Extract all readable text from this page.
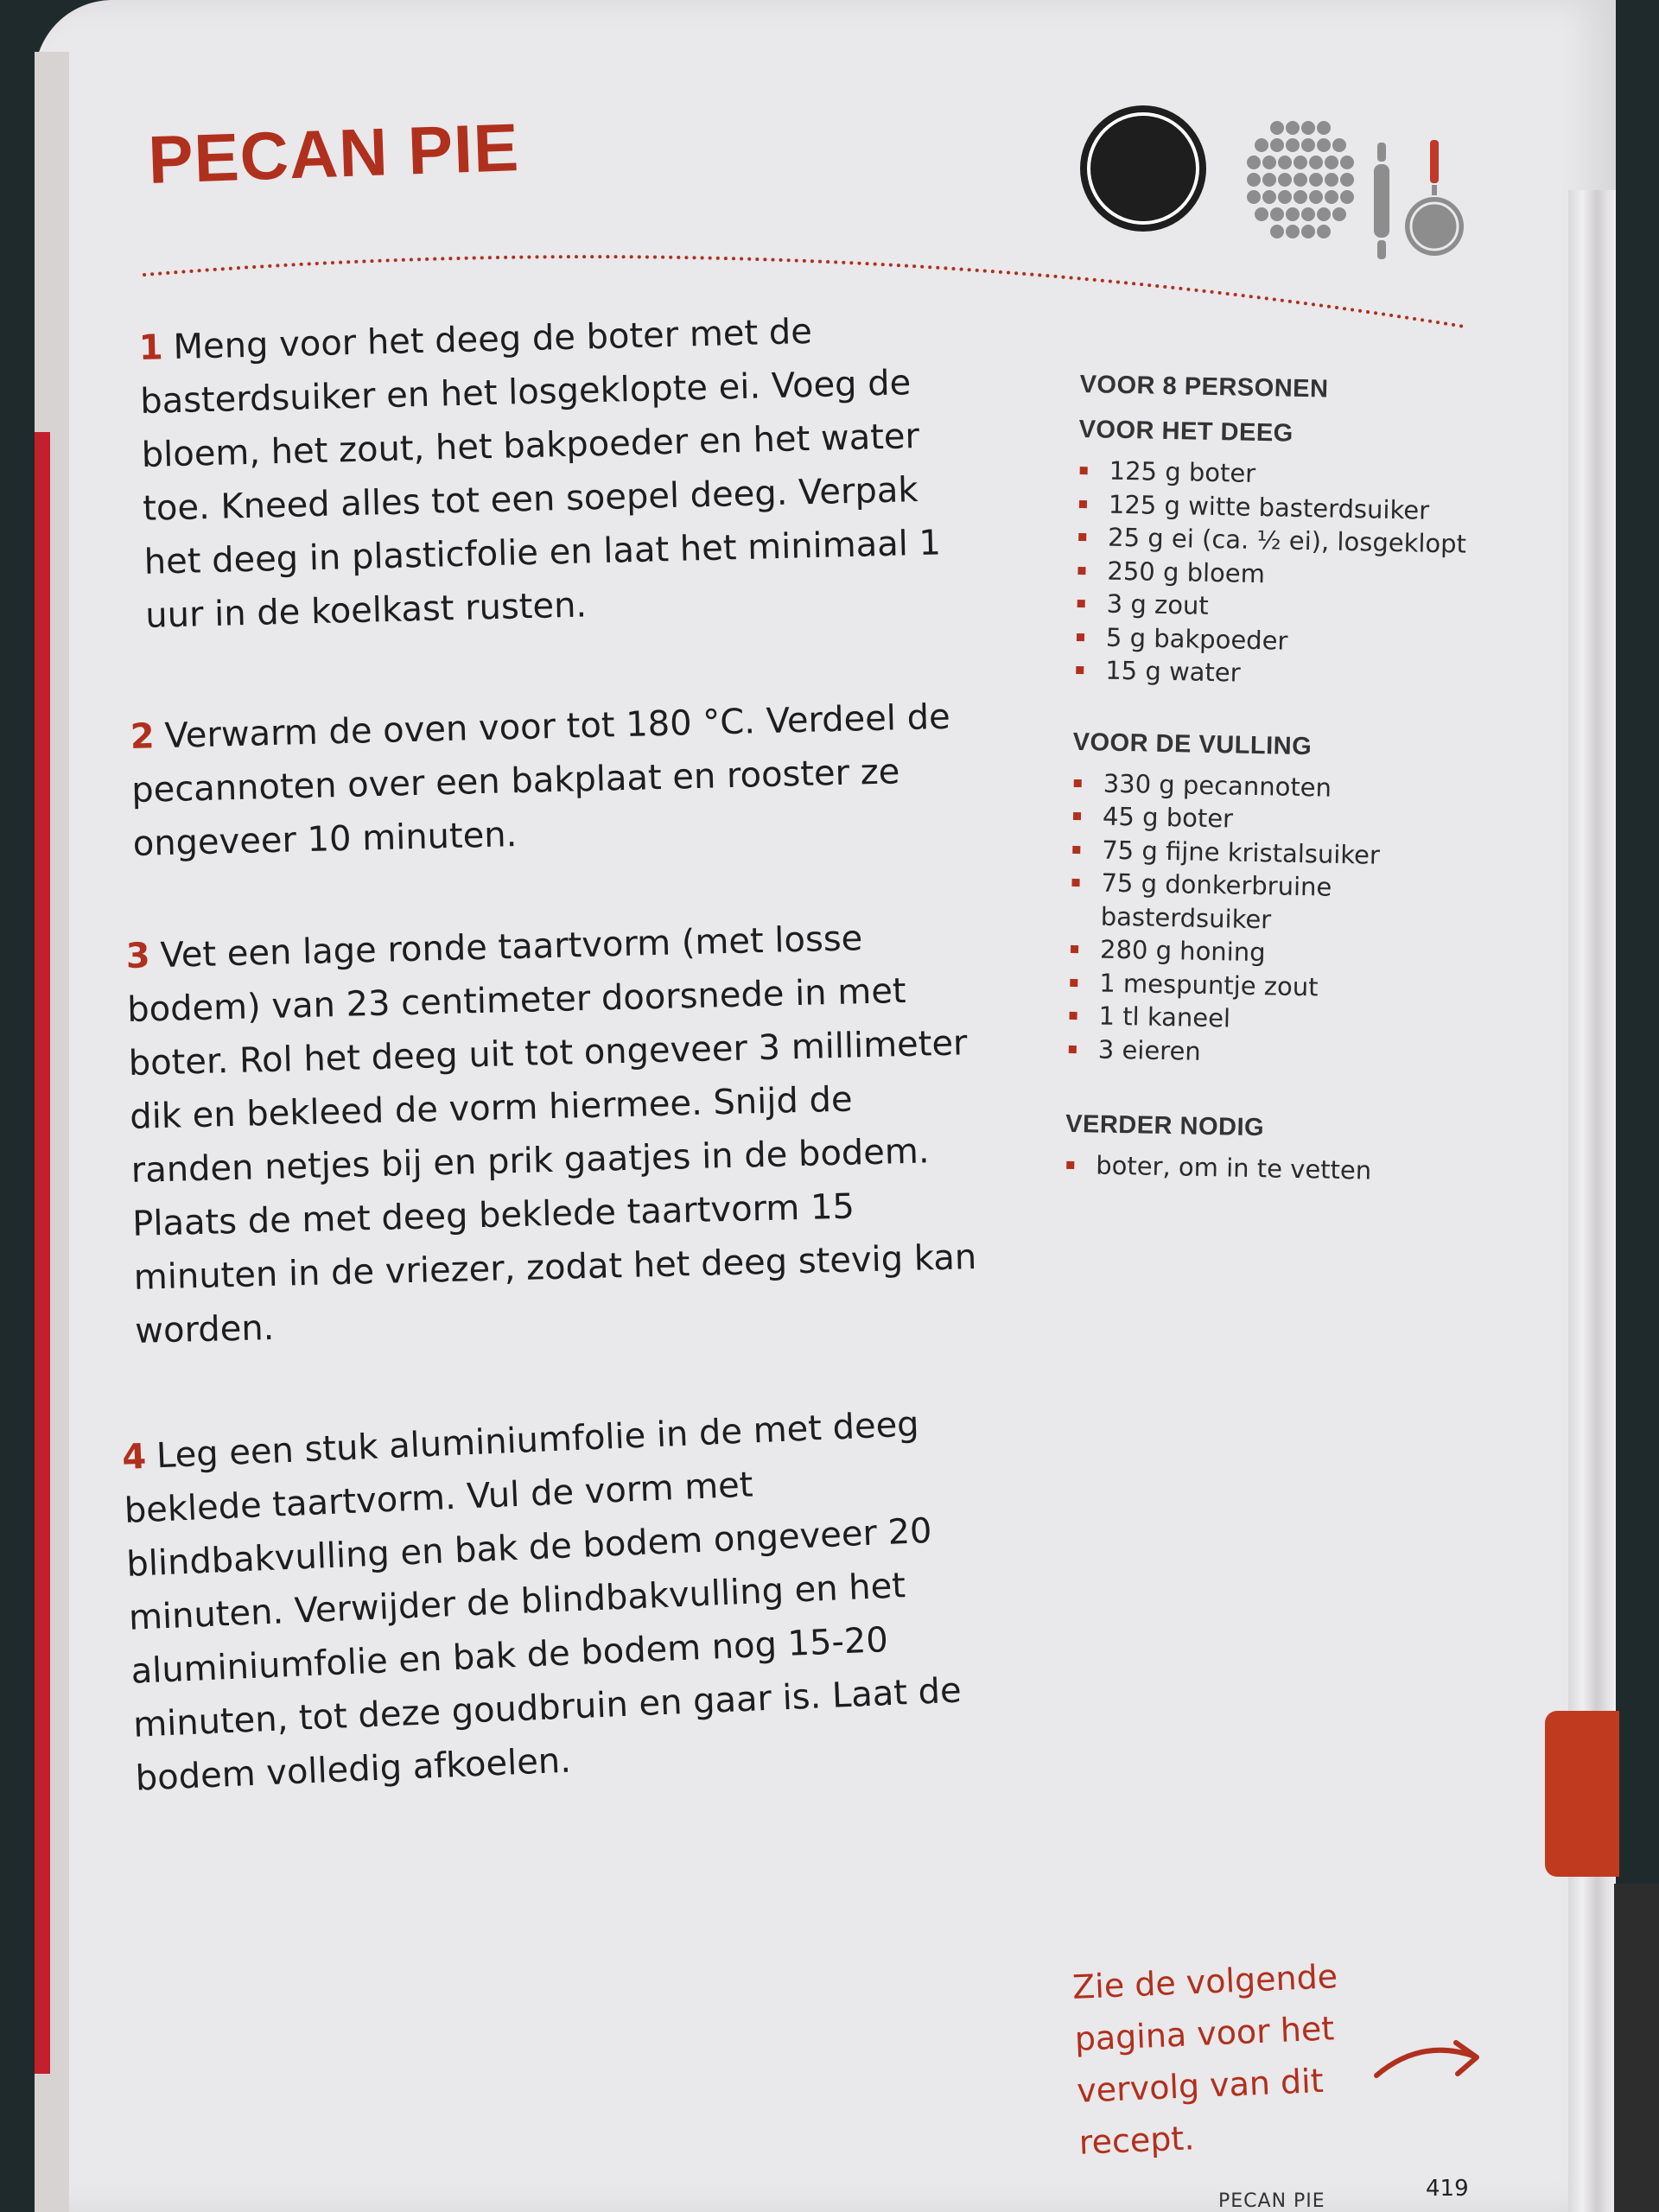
PECAN PIE

1 Meng voor het deeg de boter met de basterdsuiker en het losgeklopte ei. Voeg de bloem, het zout, het bakpoeder en het water toe. Kneed alles tot een soepel deeg. Verpak het deeg in plasticfolie en laat het minimaal 1 uur in de koelkast rusten.

2 Verwarm de oven voor tot 180 °C. Verdeel de pecannoten over een bakplaat en rooster ze ongeveer 10 minuten.

3 Vet een lage ronde taartvorm (met losse bodem) van 23 centimeter doorsnede in met boter. Rol het deeg uit tot ongeveer 3 millimeter dik en bekleed de vorm hiermee. Snijd de randen netjes bij en prik gaatjes in de bodem. Plaats de met deeg beklede taartvorm 15 minuten in de vriezer, zodat het deeg stevig kan worden.

4 Leg een stuk aluminiumfolie in de met deeg beklede taartvorm. Vul de vorm met blindbakvulling en bak de bodem ongeveer 20 minuten. Verwijder de blindbakvulling en het aluminiumfolie en bak de bodem nog 15-20 minuten, tot deze goudbruin en gaar is. Laat de bodem volledig afkoelen.

VOOR 8 PERSONEN
VOOR HET DEEG
125 g boter
125 g witte basterdsuiker
25 g ei (ca. ½ ei), losgeklopt
250 g bloem
3 g zout
5 g bakpoeder
15 g water
VOOR DE VULLING
330 g pecannoten
45 g boter
75 g fijne kristalsuiker
75 g donkerbruine basterdsuiker
280 g honing
1 mespuntje zout
1 tl kaneel
3 eieren
VERDER NODIG
boter, om in te vetten

Zie de volgende pagina voor het vervolg van dit recept.

PECAN PIE	419
